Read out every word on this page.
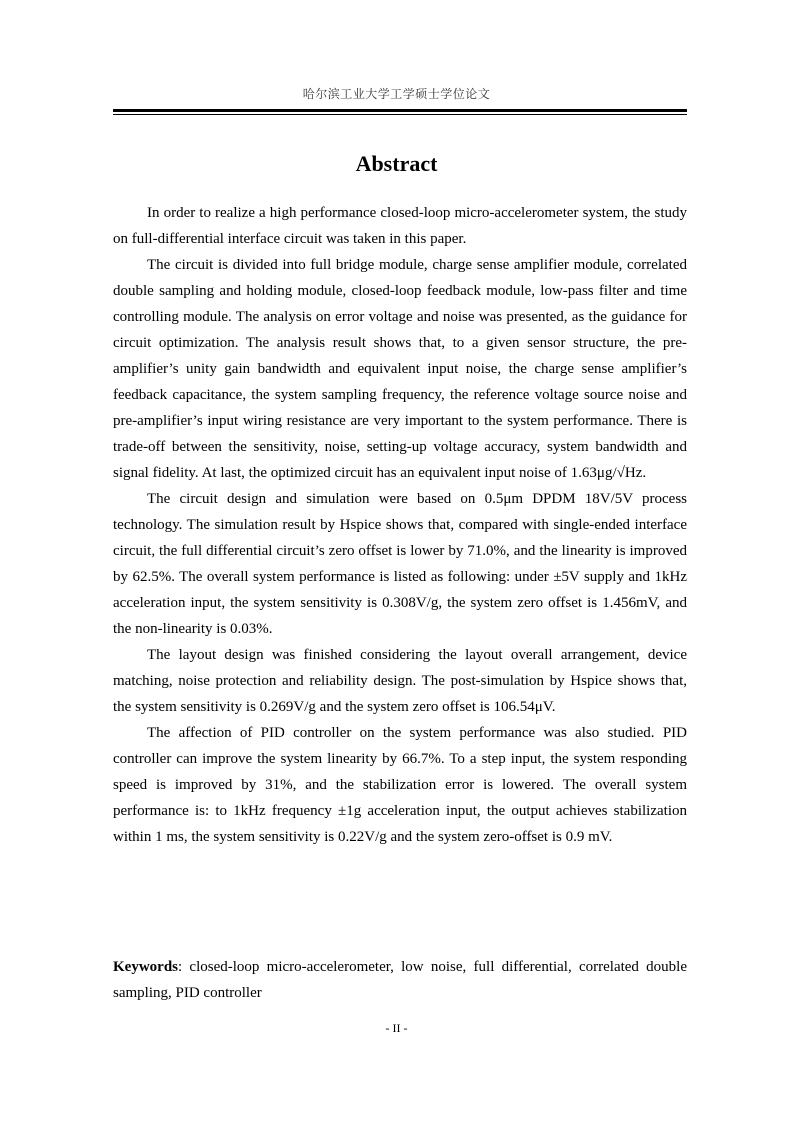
哈尔滨工业大学工学硕士学位论文
Abstract

In order to realize a high performance closed-loop micro-accelerometer system, the study on full-differential interface circuit was taken in this paper.

The circuit is divided into full bridge module, charge sense amplifier module, correlated double sampling and holding module, closed-loop feedback module, low-pass filter and time controlling module. The analysis on error voltage and noise was presented, as the guidance for circuit optimization. The analysis result shows that, to a given sensor structure, the pre-amplifier’s unity gain bandwidth and equivalent input noise, the charge sense amplifier’s feedback capacitance, the system sampling frequency, the reference voltage source noise and pre-amplifier’s input wiring resistance are very important to the system performance. There is trade-off between the sensitivity, noise, setting-up voltage accuracy, system bandwidth and signal fidelity. At last, the optimized circuit has an equivalent input noise of 1.63μg/√Hz.

The circuit design and simulation were based on 0.5μm DPDM 18V/5V process technology. The simulation result by Hspice shows that, compared with single-ended interface circuit, the full differential circuit’s zero offset is lower by 71.0%, and the linearity is improved by 62.5%. The overall system performance is listed as following: under ±5V supply and 1kHz acceleration input, the system sensitivity is 0.308V/g, the system zero offset is 1.456mV, and the non-linearity is 0.03%.

The layout design was finished considering the layout overall arrangement, device matching, noise protection and reliability design. The post-simulation by Hspice shows that, the system sensitivity is 0.269V/g and the system zero offset is 106.54μV.

The affection of PID controller on the system performance was also studied. PID controller can improve the system linearity by 66.7%. To a step input, the system responding speed is improved by 31%, and the stabilization error is lowered. The overall system performance is: to 1kHz frequency ±1g acceleration input, the output achieves stabilization within 1 ms, the system sensitivity is 0.22V/g and the system zero-offset is 0.9 mV.

Keywords: closed-loop micro-accelerometer, low noise, full differential, correlated double sampling, PID controller

- II -
